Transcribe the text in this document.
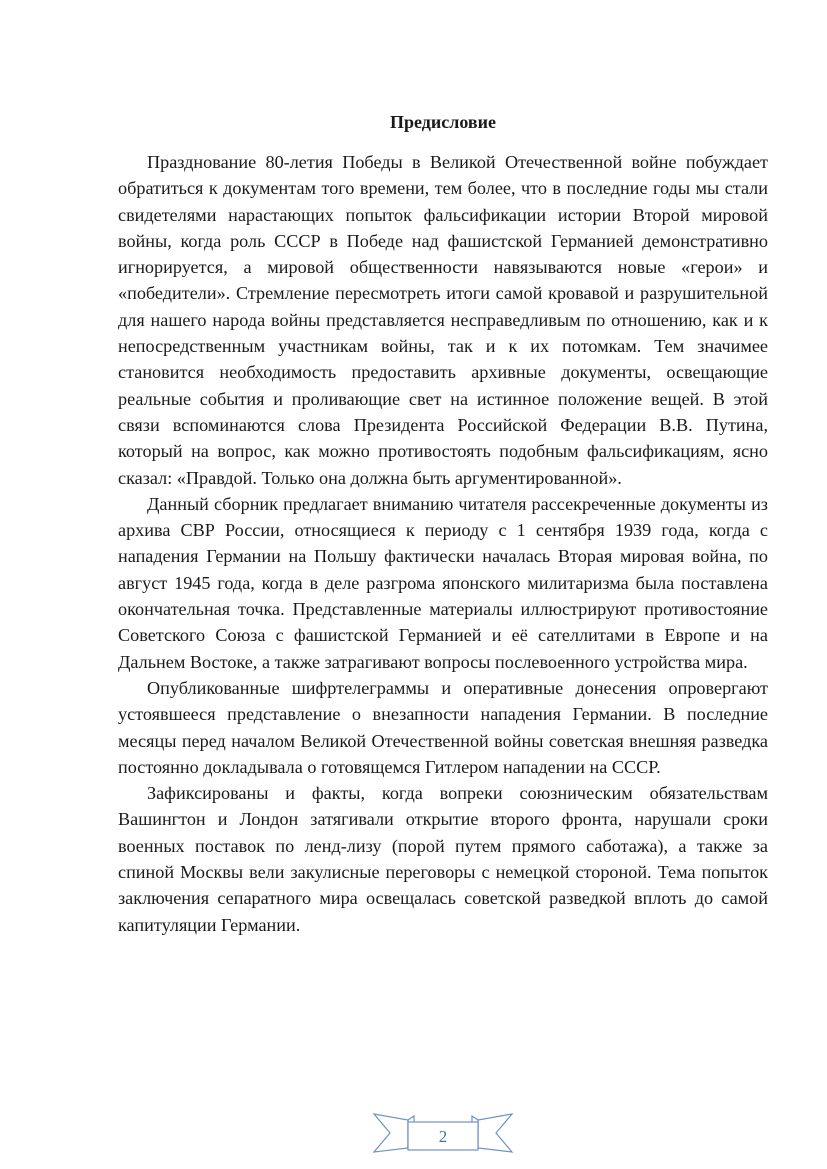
Предисловие

Празднование 80-летия Победы в Великой Отечественной войне побуждает обратиться к документам того времени, тем более, что в последние годы мы стали свидетелями нарастающих попыток фальсификации истории Второй мировой войны, когда роль СССР в Победе над фашистской Германией демонстративно игнорируется, а мировой общественности навязываются новые «герои» и «победители». Стремление пересмотреть итоги самой кровавой и разрушительной для нашего народа войны представляется несправедливым по отношению, как и к непосредственным участникам войны, так и к их потомкам. Тем значимее становится необходимость предоставить архивные документы, освещающие реальные события и проливающие свет на истинное положение вещей. В этой связи вспоминаются слова Президента Российской Федерации В.В. Путина, который на вопрос, как можно противостоять подобным фальсификациям, ясно сказал: «Правдой. Только она должна быть аргументированной».

Данный сборник предлагает вниманию читателя рассекреченные документы из архива СВР России, относящиеся к периоду с 1 сентября 1939 года, когда с нападения Германии на Польшу фактически началась Вторая мировая война, по август 1945 года, когда в деле разгрома японского милитаризма была поставлена окончательная точка. Представленные материалы иллюстрируют противостояние Советского Союза с фашистской Германией и её сателлитами в Европе и на Дальнем Востоке, а также затрагивают вопросы послевоенного устройства мира.

Опубликованные шифртелеграммы и оперативные донесения опровергают устоявшееся представление о внезапности нападения Германии. В последние месяцы перед началом Великой Отечественной войны советская внешняя разведка постоянно докладывала о готовящемся Гитлером нападении на СССР.

Зафиксированы и факты, когда вопреки союзническим обязательствам Вашингтон и Лондон затягивали открытие второго фронта, нарушали сроки военных поставок по ленд-лизу (порой путем прямого саботажа), а также за спиной Москвы вели закулисные переговоры с немецкой стороной. Тема попыток заключения сепаратного мира освещалась советской разведкой вплоть до самой капитуляции Германии.

2
